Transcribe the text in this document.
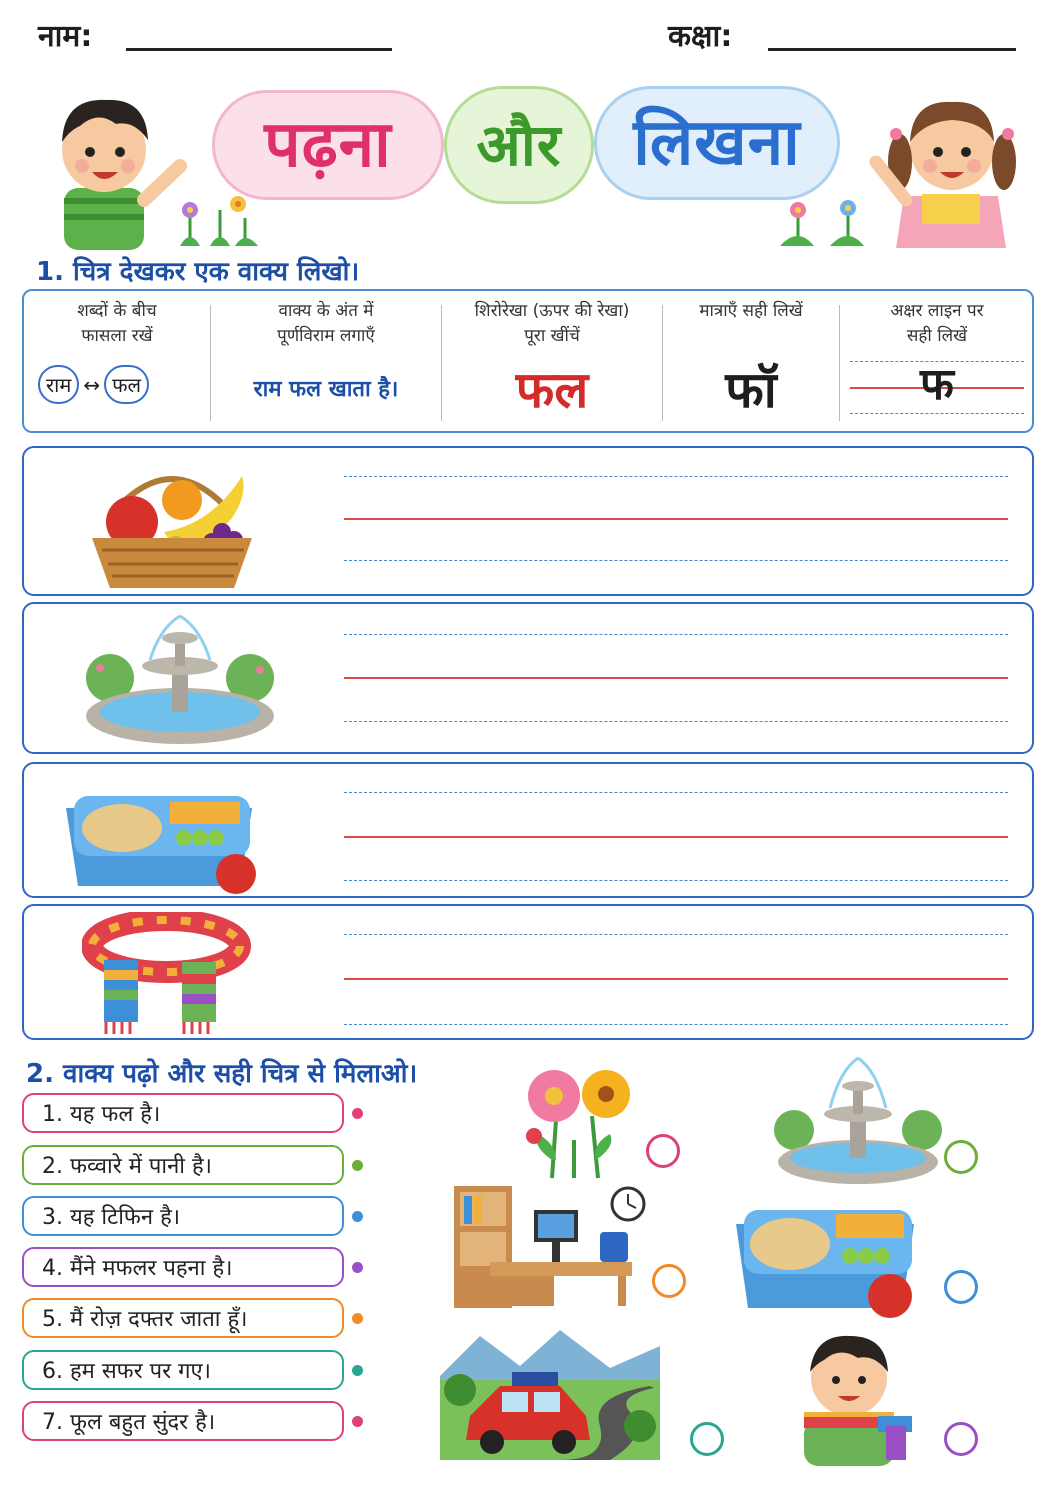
नाम:	कक्षा:
पढ़ना और लिखना
1. चित्र देखकर एक वाक्य लिखो।
शब्दों के बीच
फासला रखें
राम ↔ फल
वाक्य के अंत में
पूर्णविराम लगाएँ
राम फल खाता है।
शिरोरेखा (ऊपर की रेखा)
पूरा खींचें
फल
मात्राएँ सही लिखें
फॉ
अक्षर लाइन पर
सही लिखें
फ
2. वाक्य पढ़ो और सही चित्र से मिलाओ।
1. यह फल है।
2. फव्वारे में पानी है।
3. यह टिफिन है।
4. मैंने मफलर पहना है।
5. मैं रोज़ दफ्तर जाता हूँ।
6. हम सफर पर गए।
7. फूल बहुत सुंदर है।
